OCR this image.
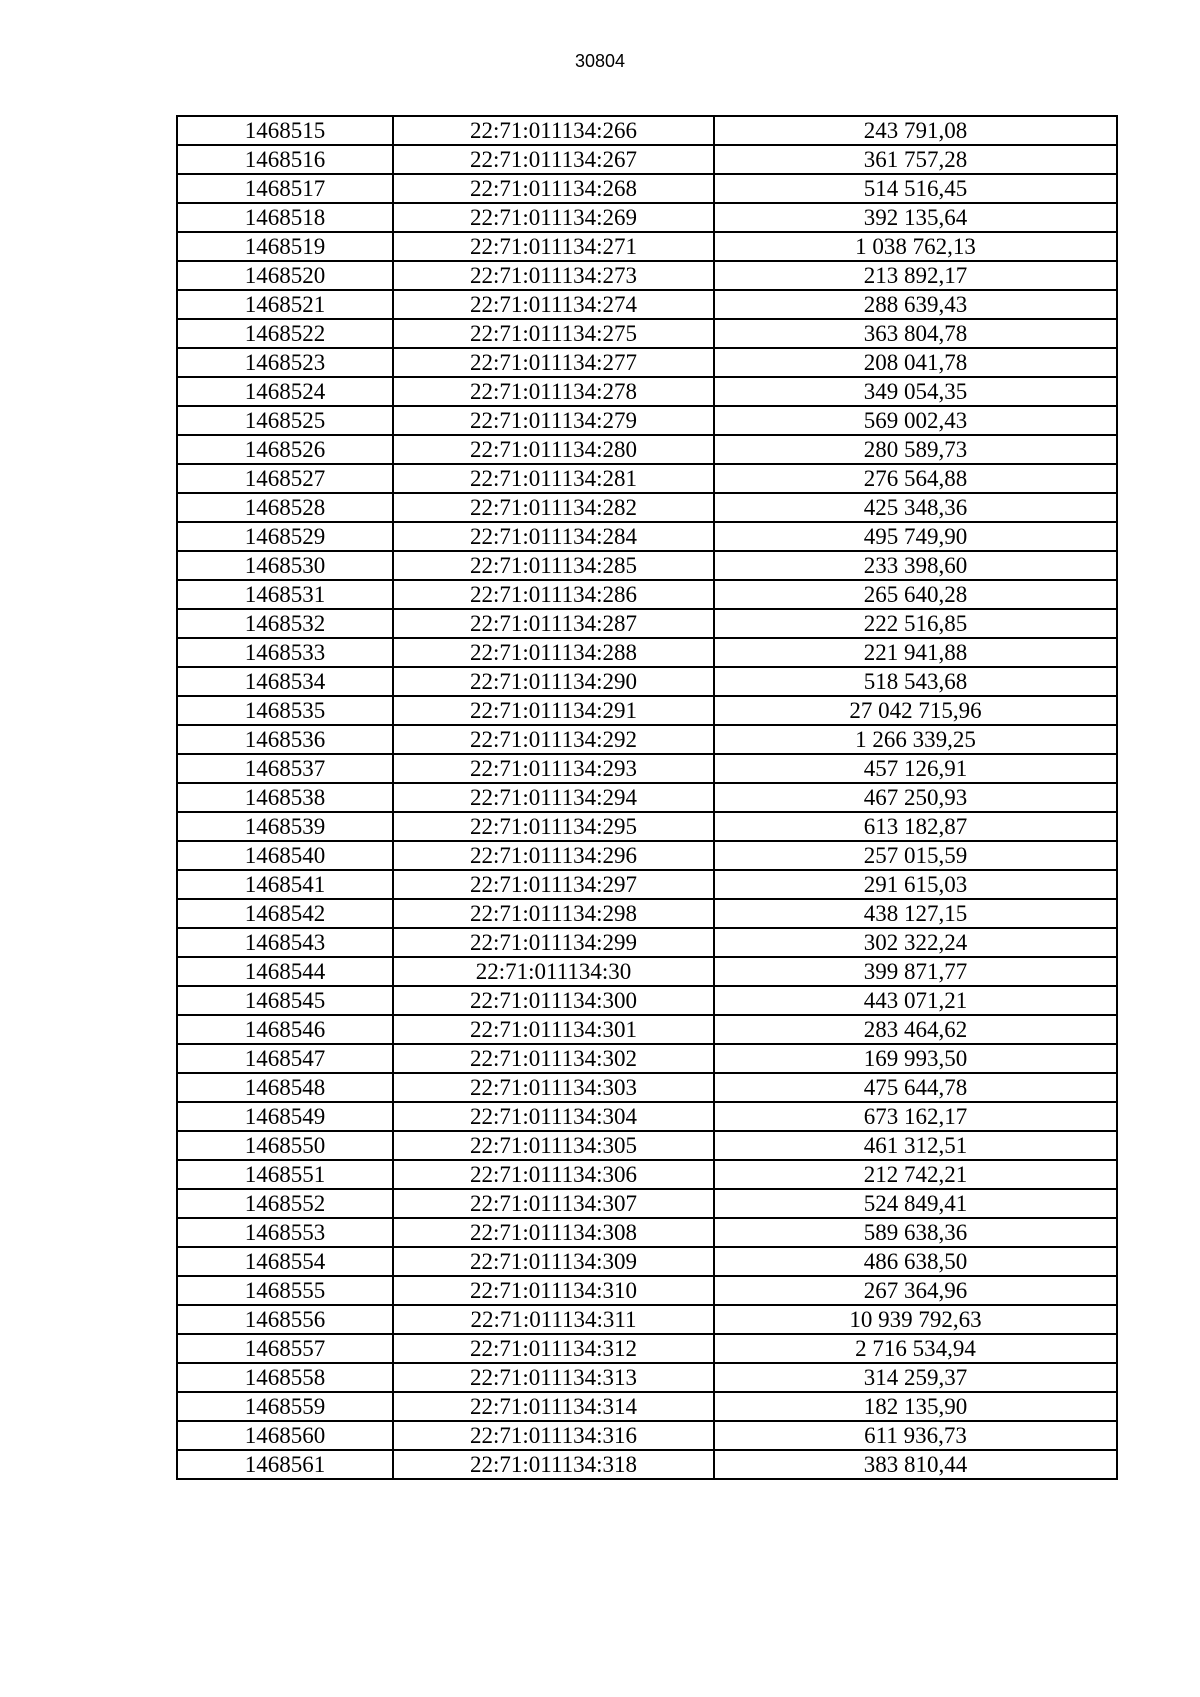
30804
1468515	22:71:011134:266	243 791,08
1468516	22:71:011134:267	361 757,28
1468517	22:71:011134:268	514 516,45
1468518	22:71:011134:269	392 135,64
1468519	22:71:011134:271	1 038 762,13
1468520	22:71:011134:273	213 892,17
1468521	22:71:011134:274	288 639,43
1468522	22:71:011134:275	363 804,78
1468523	22:71:011134:277	208 041,78
1468524	22:71:011134:278	349 054,35
1468525	22:71:011134:279	569 002,43
1468526	22:71:011134:280	280 589,73
1468527	22:71:011134:281	276 564,88
1468528	22:71:011134:282	425 348,36
1468529	22:71:011134:284	495 749,90
1468530	22:71:011134:285	233 398,60
1468531	22:71:011134:286	265 640,28
1468532	22:71:011134:287	222 516,85
1468533	22:71:011134:288	221 941,88
1468534	22:71:011134:290	518 543,68
1468535	22:71:011134:291	27 042 715,96
1468536	22:71:011134:292	1 266 339,25
1468537	22:71:011134:293	457 126,91
1468538	22:71:011134:294	467 250,93
1468539	22:71:011134:295	613 182,87
1468540	22:71:011134:296	257 015,59
1468541	22:71:011134:297	291 615,03
1468542	22:71:011134:298	438 127,15
1468543	22:71:011134:299	302 322,24
1468544	22:71:011134:30	399 871,77
1468545	22:71:011134:300	443 071,21
1468546	22:71:011134:301	283 464,62
1468547	22:71:011134:302	169 993,50
1468548	22:71:011134:303	475 644,78
1468549	22:71:011134:304	673 162,17
1468550	22:71:011134:305	461 312,51
1468551	22:71:011134:306	212 742,21
1468552	22:71:011134:307	524 849,41
1468553	22:71:011134:308	589 638,36
1468554	22:71:011134:309	486 638,50
1468555	22:71:011134:310	267 364,96
1468556	22:71:011134:311	10 939 792,63
1468557	22:71:011134:312	2 716 534,94
1468558	22:71:011134:313	314 259,37
1468559	22:71:011134:314	182 135,90
1468560	22:71:011134:316	611 936,73
1468561	22:71:011134:318	383 810,44
